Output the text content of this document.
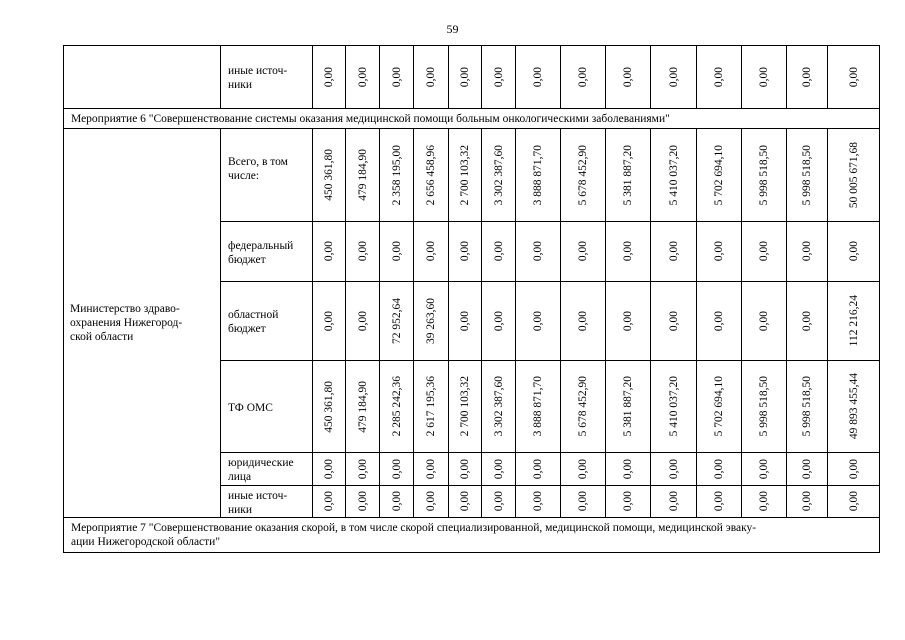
59
	иные источ-
ники	0,00	0,00	0,00	0,00	0,00	0,00	0,00	0,00	0,00	0,00	0,00	0,00	0,00	0,00

Мероприятие 6 "Совершенствование системы оказания медицинской помощи больным онкологическими заболеваниями"															
Министерство здраво-
охранения Нижегород-
ской области	Всего, в том
числе:	450 361,80	479 184,90	2 358 195,00	2 656 458,96	2 700 103,32	3 302 387,60	3 888 871,70	5 678 452,90	5 381 887,20	5 410 037,20	5 702 694,10	5 998 518,50	5 998 518,50	50 005 671,68

	федеральный
бюджет	0,00	0,00	0,00	0,00	0,00	0,00	0,00	0,00	0,00	0,00	0,00	0,00	0,00	0,00

	областной
бюджет	0,00	0,00	72 952,64	39 263,60	0,00	0,00	0,00	0,00	0,00	0,00	0,00	0,00	0,00	112 216,24

	ТФ ОМС	450 361,80	479 184,90	2 285 242,36	2 617 195,36	2 700 103,32	3 302 387,60	3 888 871,70	5 678 452,90	5 381 887,20	5 410 037,20	5 702 694,10	5 998 518,50	5 998 518,50	49 893 455,44

	юридические
лица	0,00	0,00	0,00	0,00	0,00	0,00	0,00	0,00	0,00	0,00	0,00	0,00	0,00	0,00

	иные источ-
ники	0,00	0,00	0,00	0,00	0,00	0,00	0,00	0,00	0,00	0,00	0,00	0,00	0,00	0,00

Мероприятие 7 "Совершенствование оказания скорой, в том числе скорой специализированной, медицинской помощи, медицинской эваку-
ации Нижегородской области"															
